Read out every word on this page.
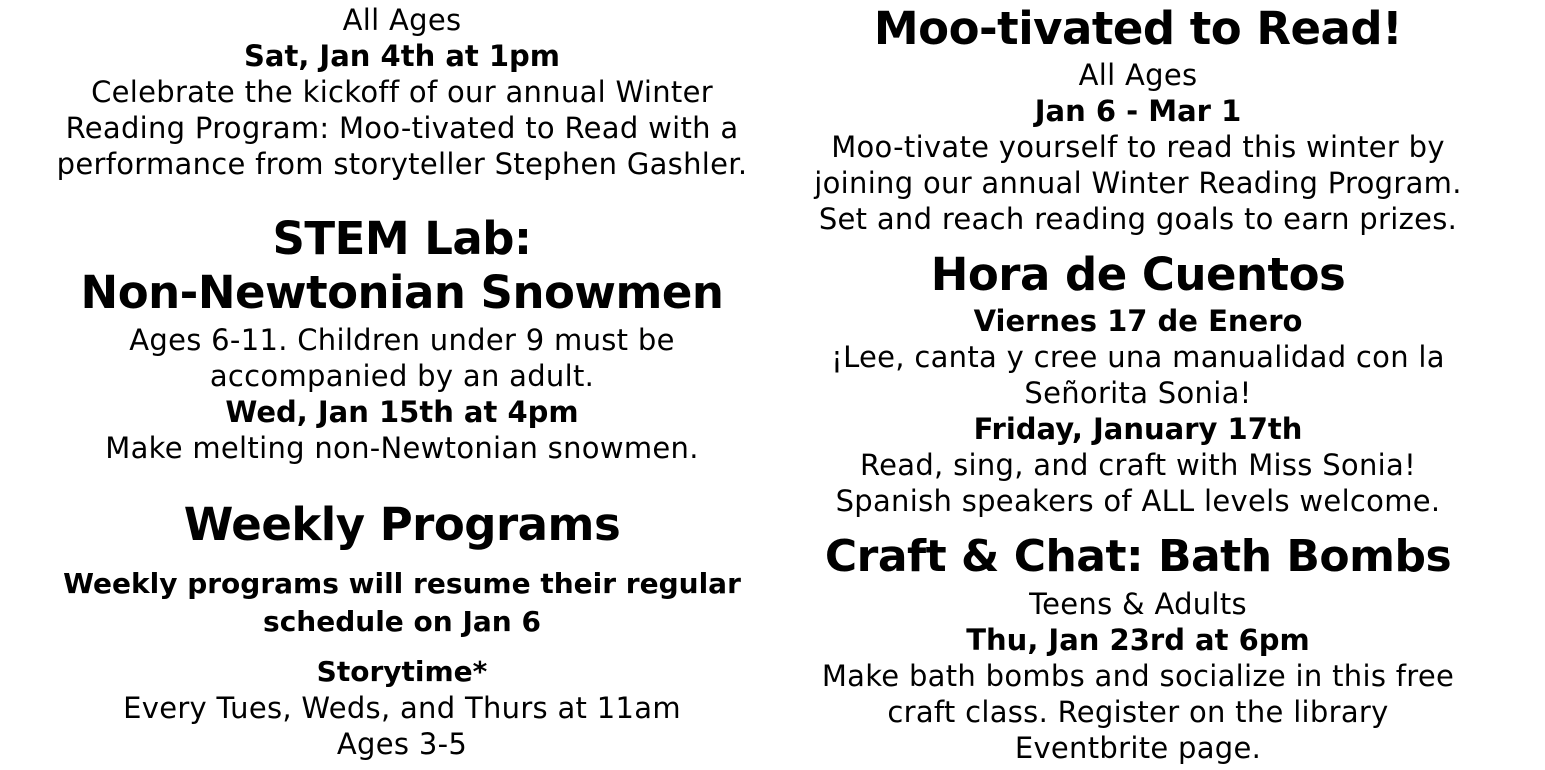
All Ages
Sat, Jan 4th at 1pm
Celebrate the kickoff of our annual Winter
Reading Program: Moo-tivated to Read with a
performance from storyteller Stephen Gashler.
STEM Lab:
Non-Newtonian Snowmen
Ages 6-11. Children under 9 must be
accompanied by an adult.
Wed, Jan 15th at 4pm
Make melting non-Newtonian snowmen.
Weekly Programs
Weekly programs will resume their regular
schedule on Jan 6
Storytime*
Every Tues, Weds, and Thurs at 11am
Ages 3-5
Moo-tivated to Read!
All Ages
Jan 6 - Mar 1
Moo-tivate yourself to read this winter by
joining our annual Winter Reading Program.
Set and reach reading goals to earn prizes.
Hora de Cuentos
Viernes 17 de Enero
¡Lee, canta y cree una manualidad con la
Señorita Sonia!
Friday, January 17th
Read, sing, and craft with Miss Sonia!
Spanish speakers of ALL levels welcome.
Craft & Chat: Bath Bombs
Teens & Adults
Thu, Jan 23rd at 6pm
Make bath bombs and socialize in this free
craft class. Register on the library
Eventbrite page.
